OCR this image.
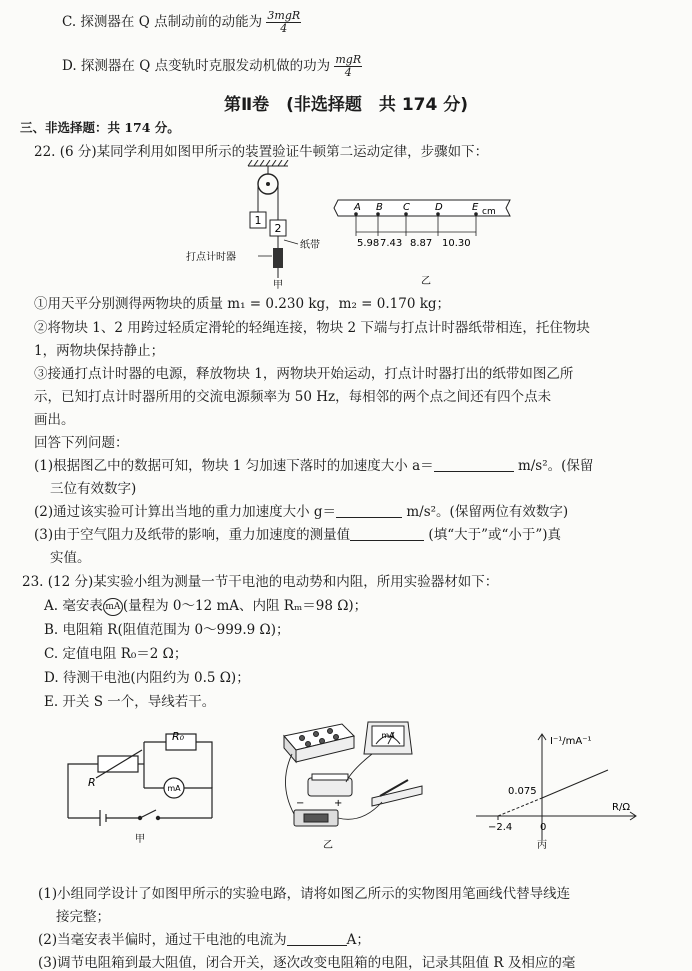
C. 探测器在 Q 点制动前的动能为 $\frac{\text{3mgR}}{4}$
D. 探测器在 Q 点变轨时克服发动机做的功为 $\frac{\text{mgR}}{4}$
第Ⅱ卷　(非选择题　共 174 分)
三、非选择题：共 174 分。
22. (6 分)某同学利用如图甲所示的装置验证牛顿第二运动定律，步骤如下：
1
2
纸带
打点计时器
甲
A B C	D	E cm
5.98 7.43 8.87 10.30
乙
①用天平分别测得两物块的质量 m₁ = 0.230 kg，m₂ = 0.170 kg；
②将物块 1、2 用跨过轻质定滑轮的轻绳连接，物块 2 下端与打点计时器纸带相连，托住物块
1，两物块保持静止；
③接通打点计时器的电源，释放物块 1，两物块开始运动，打点计时器打出的纸带如图乙所
示，已知打点计时器所用的交流电源频率为 50 Hz，每相邻的两个点之间还有四个点未
画出。
回答下列问题：
(1)根据图乙中的数据可知，物块 1 匀加速下落时的加速度大小 a＝	m/s²。(保留
三位有效数字)
(2)通过该实验可计算出当地的重力加速度大小 g＝	m/s²。(保留两位有效数字)
(3)由于空气阻力及纸带的影响，重力加速度的测量值	(填“大于”或“小于”)真
实值。
23. (12 分)某实验小组为测量一节干电池的电动势和内阻，所用实验器材如下：
A. 毫安表 mA (量程为 0～12 mA、内阻 Rₘ＝98 Ω)；
B. 电阻箱 R(阻值范围为 0～999.9 Ω)；
C. 定值电阻 R₀＝2 Ω；
D. 待测干电池(内阻约为 0.5 Ω)；
E. 开关 S 一个，导线若干。
R
R₀
mA
甲
mA
−	+
乙
I⁻¹/mA⁻¹
R/Ω
0.075
−2.4	0
丙
(1)小组同学设计了如图甲所示的实验电路，请将如图乙所示的实物图用笔画线代替导线连
接完整；
(2)当毫安表半偏时，通过干电池的电流为	A；
(3)调节电阻箱到最大阻值，闭合开关，逐次改变电阻箱的电阻，记录其阻值 R 及相应的毫
